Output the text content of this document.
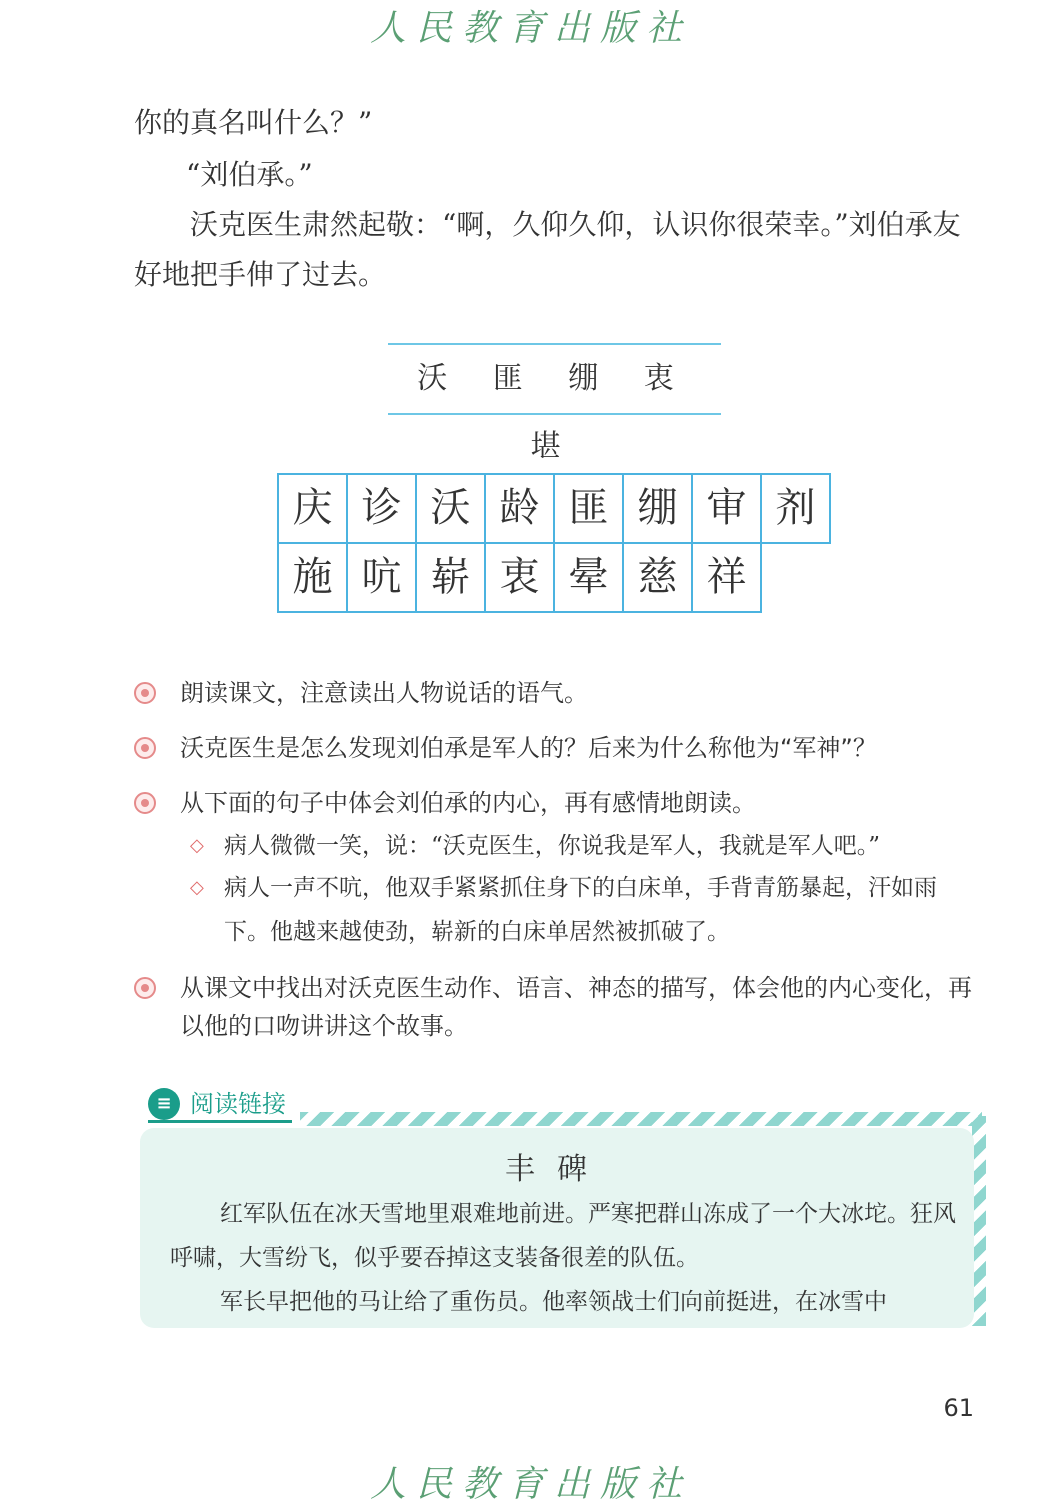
人民教育出版社
你的真名叫什么？”
“刘伯承。”
沃克医生肃然起敬：“啊，久仰久仰，认识你很荣幸。”刘伯承友好地把手伸了过去。
沃 匪 绷 衷 堪
庆 诊 沃 龄 匪 绷 审 剂
施 吭 崭 衷 晕 慈 祥
朗读课文，注意读出人物说话的语气。
沃克医生是怎么发现刘伯承是军人的？后来为什么称他为“军神”？
从下面的句子中体会刘伯承的内心，再有感情地朗读。
◇ 病人微微一笑，说：“沃克医生，你说我是军人，我就是军人吧。”
◇ 病人一声不吭，他双手紧紧抓住身下的白床单，手背青筋暴起，汗如雨下。他越来越使劲，崭新的白床单居然被抓破了。
从课文中找出对沃克医生动作、语言、神态的描写，体会他的内心变化，再以他的口吻讲讲这个故事。
≡ 阅读链接
丰碑

红军队伍在冰天雪地里艰难地前进。严寒把群山冻成了一个大冰坨。狂风呼啸，大雪纷飞，似乎要吞掉这支装备很差的队伍。

军长早把他的马让给了重伤员。他率领战士们向前挺进，在冰雪中

61
人民教育出版社
